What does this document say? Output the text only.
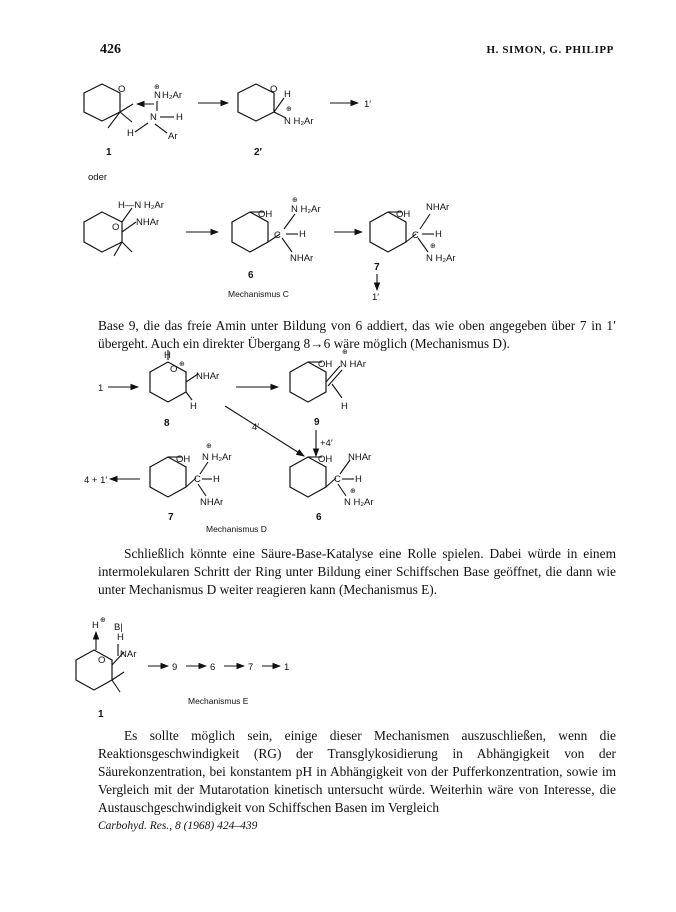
426	H. SIMON, G. PHILIPP
O
N
⊕
H₂Ar
N H
H	Ar
1
O H
⊕
N H₂Ar
2′
1′
oder
O
H—N H₂Ar
NHAr
OH
C
⊕
N H₂Ar
H
NHAr
6
OH
C
NHAr
H
⊕
N H₂Ar
7
1′
Mechanismus C
1
H
O ⊕
NHAr
H
8
OH
⊕
N HAr
H
9
4′
+4′
4 + 1′
OH
C
⊕
N H₂Ar
H
NHAr
7
OH
C
NHAr
H
⊕
N H₂Ar
6
Mechanismus D
H ⊕
B|
H
O
NAr
1
9	6	7	1
Mechanismus E

Base 9, die das freie Amin unter Bildung von 6 addiert, das wie oben angegeben über 7 in 1′ übergeht. Auch ein direkter Übergang 8→6 wäre möglich (Mechanismus D).

Schließlich könnte eine Säure-Base-Katalyse eine Rolle spielen. Dabei würde in einem intermolekularen Schritt der Ring unter Bildung einer Schiffschen Base geöffnet, die dann wie unter Mechanismus D weiter reagieren kann (Mechanismus E).

Es sollte möglich sein, einige dieser Mechanismen auszuschließen, wenn die Reaktionsgeschwindigkeit (RG) der Transglykosidierung in Abhängigkeit von der Säurekonzentration, bei konstantem pH in Abhängigkeit von der Pufferkonzentration, sowie im Vergleich mit der Mutarotation kinetisch untersucht würde. Weiterhin wäre von Interesse, die Austauschgeschwindigkeit von Schiffschen Basen im Vergleich

Carbohyd. Res., 8 (1968) 424–439
